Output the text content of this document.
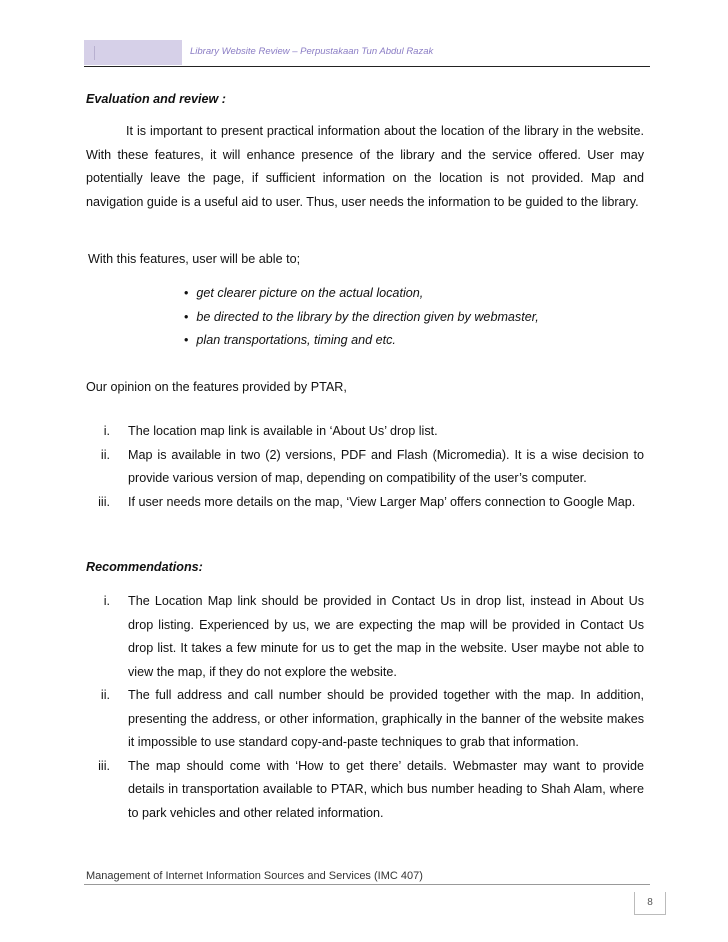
Library Website Review – Perpustakaan Tun Abdul Razak

Evaluation and review :

It is important to present practical information about the location of the library in the website. With these features, it will enhance presence of the library and the service offered. User may potentially leave the page, if sufficient information on the location is not provided. Map and navigation guide is a useful aid to user. Thus, user needs the information to be guided to the library.

With this features, user will be able to;

• get clearer picture on the actual location,
• be directed to the library by the direction given by webmaster,
• plan transportations, timing and etc.

Our opinion on the features provided by PTAR,

i. The location map link is available in ‘About Us’ drop list.
ii. Map is available in two (2) versions, PDF and Flash (Micromedia). It is a wise decision to provide various version of map, depending on compatibility of the user’s computer.
iii. If user needs more details on the map, ‘View Larger Map’ offers connection to Google Map.

Recommendations:

i. The Location Map link should be provided in Contact Us in drop list, instead in About Us drop listing. Experienced by us, we are expecting the map will be provided in Contact Us drop list. It takes a few minute for us to get the map in the website. User maybe not able to view the map, if they do not explore the website.
ii. The full address and call number should be provided together with the map. In addition, presenting the address, or other information, graphically in the banner of the website makes it impossible to use standard copy-and-paste techniques to grab that information.
iii. The map should come with ‘How to get there’ details. Webmaster may want to provide details in transportation available to PTAR, which bus number heading to Shah Alam, where to park vehicles and other related information.
Management of Internet Information Sources and Services (IMC 407)
8
